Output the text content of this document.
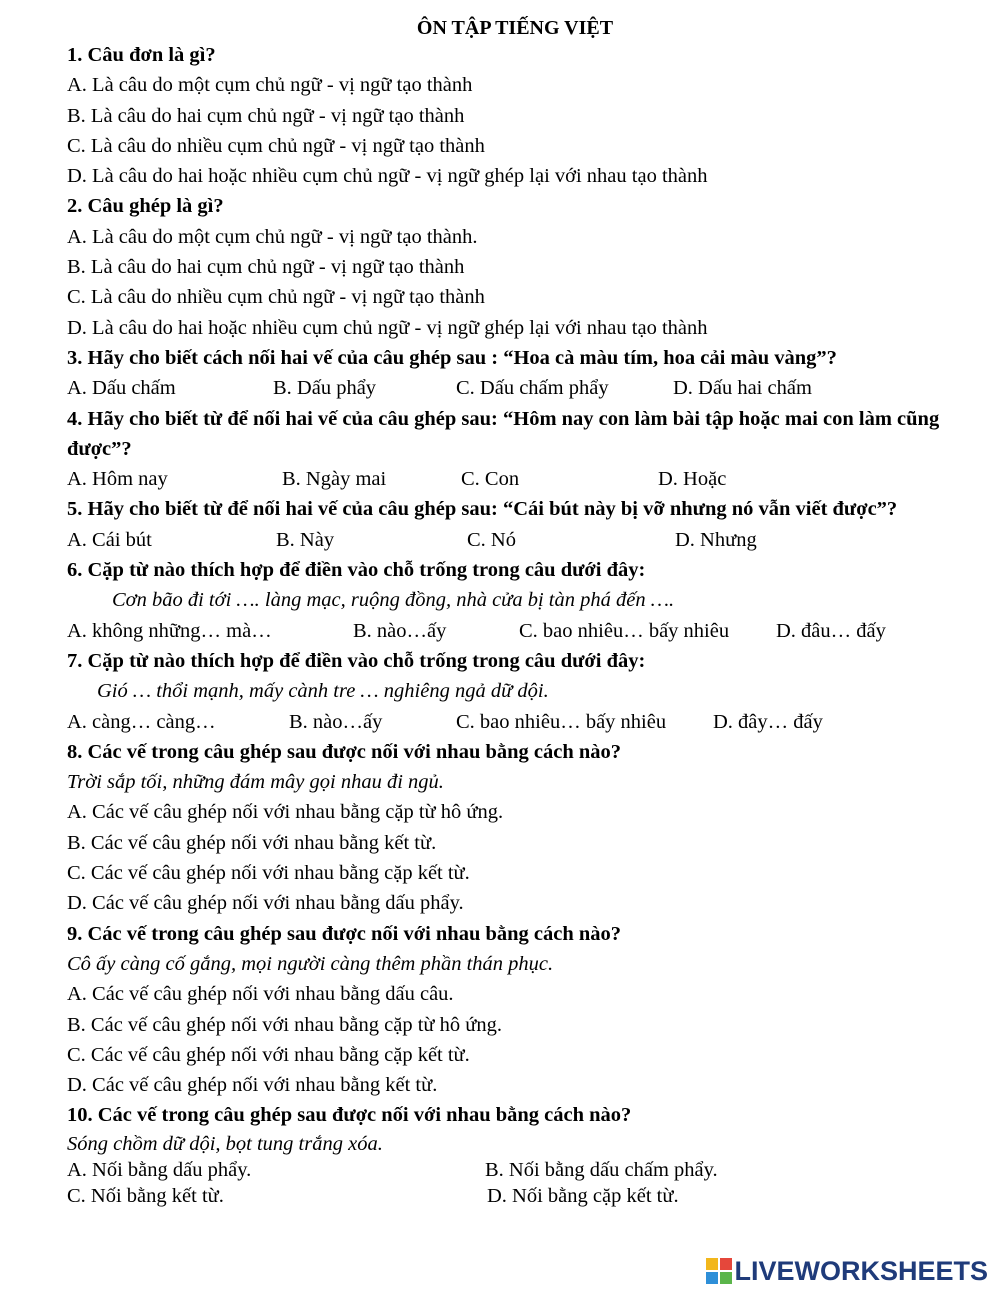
ÔN TẬP TIẾNG VIỆT
1. Câu đơn là gì?
A. Là câu do một cụm chủ ngữ - vị ngữ tạo thành
B. Là câu do hai cụm chủ ngữ - vị ngữ tạo thành
C. Là câu do nhiều cụm chủ ngữ - vị ngữ tạo thành
D. Là câu do hai hoặc nhiều cụm chủ ngữ - vị ngữ ghép lại với nhau tạo thành
2. Câu ghép là gì?
A. Là câu do một cụm chủ ngữ - vị ngữ tạo thành.
B. Là câu do hai cụm chủ ngữ - vị ngữ tạo thành
C. Là câu do nhiều cụm chủ ngữ - vị ngữ tạo thành
D. Là câu do hai hoặc nhiều cụm chủ ngữ - vị ngữ ghép lại với nhau tạo thành
3. Hãy cho biết cách nối hai vế của câu ghép sau : “Hoa cà màu tím, hoa cải màu vàng”?
A. Dấu chấm	B. Dấu phẩy	C. Dấu chấm phẩy	D. Dấu hai chấm
4. Hãy cho biết từ để nối hai vế của câu ghép sau: “Hôm nay con làm bài tập hoặc mai con làm cũng được”?
A. Hôm nay	B. Ngày mai	C. Con	D. Hoặc
5. Hãy cho biết từ để nối hai vế của câu ghép sau: “Cái bút này bị vỡ nhưng nó vẫn viết được”?
A. Cái bút	B. Này	C. Nó	D. Nhưng
6. Cặp từ nào thích hợp để điền vào chỗ trống trong câu dưới đây:
Cơn bão đi tới …. làng mạc, ruộng đồng, nhà cửa bị tàn phá đến ….
A. không những… mà…	B. nào…ấy	C. bao nhiêu… bấy nhiêu D. đâu… đấy
7. Cặp từ nào thích hợp để điền vào chỗ trống trong câu dưới đây:
Gió … thổi mạnh, mấy cành tre … nghiêng ngả dữ dội.
A. càng… càng…	B. nào…ấy	C. bao nhiêu… bấy nhiêu D. đây… đấy
8. Các vế trong câu ghép sau được nối với nhau bằng cách nào?
Trời sắp tối, những đám mây gọi nhau đi ngủ.
A. Các vế câu ghép nối với nhau bằng cặp từ hô ứng.
B. Các vế câu ghép nối với nhau bằng kết từ.
C. Các vế câu ghép nối với nhau bằng cặp kết từ.
D. Các vế câu ghép nối với nhau bằng dấu phẩy.
9. Các vế trong câu ghép sau được nối với nhau bằng cách nào?
Cô ấy càng cố gắng, mọi người càng thêm phần thán phục.
A. Các vế câu ghép nối với nhau bằng dấu câu.
B. Các vế câu ghép nối với nhau bằng cặp từ hô ứng.
C. Các vế câu ghép nối với nhau bằng cặp kết từ.
D. Các vế câu ghép nối với nhau bằng kết từ.
10. Các vế trong câu ghép sau được nối với nhau bằng cách nào?
Sóng chồm dữ dội, bọt tung trắng xóa.
A. Nối bằng dấu phẩy.	B. Nối bằng dấu chấm phẩy.
C. Nối bằng kết từ.	D. Nối bằng cặp kết từ.
LIVEWORKSHEETS
